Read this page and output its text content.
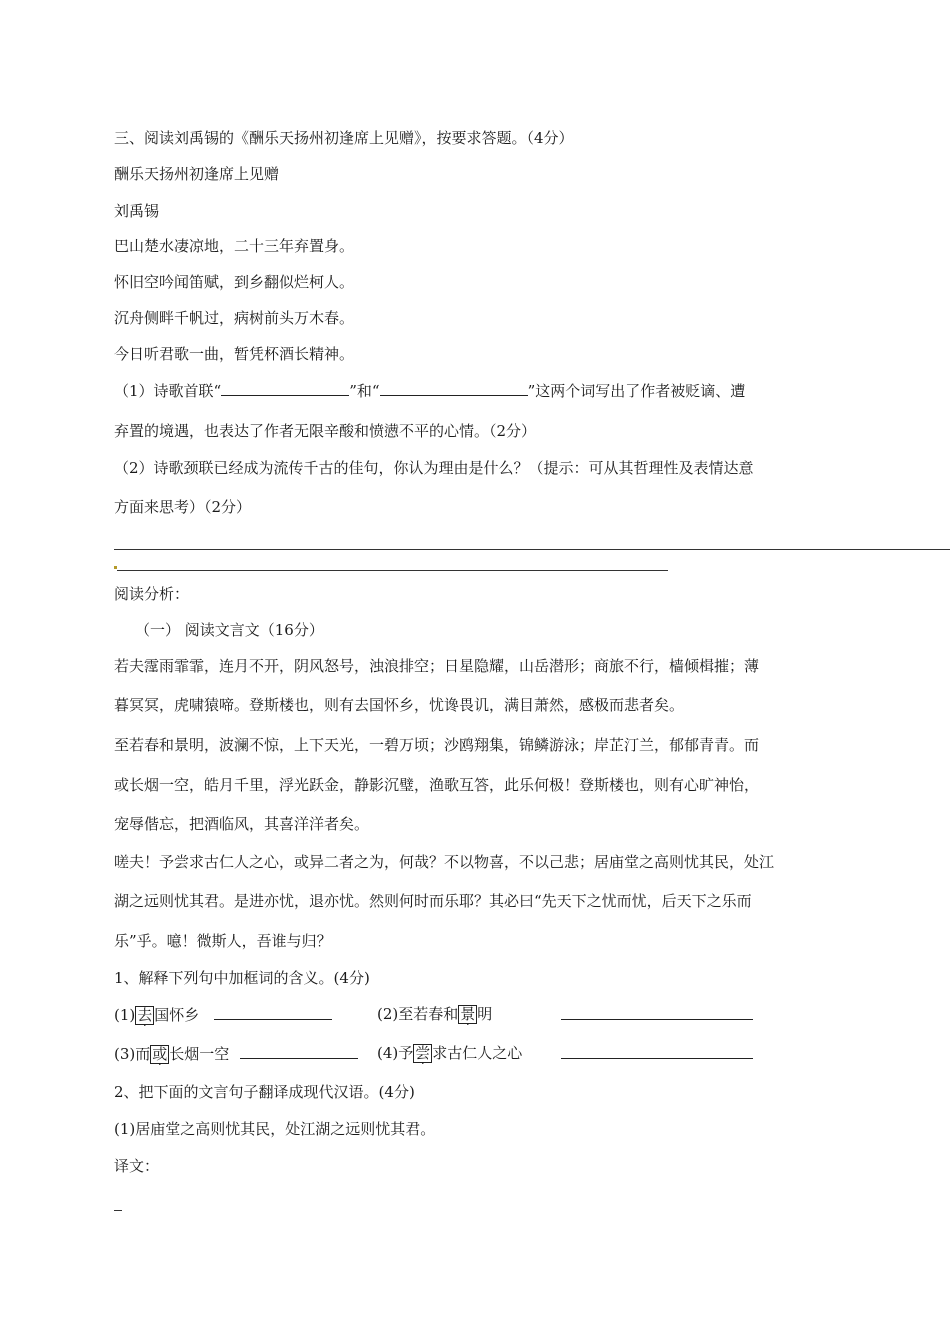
三、阅读刘禹锡的《酬乐天扬州初逢席上见赠》，按要求答题。（4分）
酬乐天扬州初逢席上见赠
刘禹锡
巴山楚水凄凉地，二十三年弃置身。
怀旧空吟闻笛赋，到乡翻似烂柯人。
沉舟侧畔千帆过，病树前头万木春。
今日听君歌一曲，暂凭杯酒长精神。
（1）诗歌首联“	”和“	”这两个词写出了作者被贬谪、遭
弃置的境遇，也表达了作者无限辛酸和愤懑不平的心情。（2分）
（2）诗歌颈联已经成为流传千古的佳句，你认为理由是什么？（提示：可从其哲理性及表情达意
方面来思考）（2分）
阅读分析：
（一） 阅读文言文（16分）
若夫霪雨霏霏，连月不开，阴风怒号，浊浪排空；日星隐耀，山岳潜形；商旅不行，樯倾楫摧；薄
暮冥冥，虎啸猿啼。登斯楼也，则有去国怀乡，忧谗畏讥，满目萧然，感极而悲者矣。
至若春和景明，波澜不惊，上下天光，一碧万顷；沙鸥翔集，锦鳞游泳；岸芷汀兰，郁郁青青。而
或长烟一空，皓月千里，浮光跃金，静影沉璧，渔歌互答，此乐何极！登斯楼也，则有心旷神怡，
宠辱偕忘，把酒临风，其喜洋洋者矣。
嗟夫！予尝求古仁人之心，或异二者之为，何哉？不以物喜，不以己悲；居庙堂之高则忧其民，处江
湖之远则忧其君。是进亦忧，退亦忧。然则何时而乐耶？其必曰“先天下之忧而忧，后天下之乐而
乐”乎。噫！微斯人，吾谁与归？
1、解释下列句中加框词的含义。(4分)
(1) 去 国怀乡	(2)至若春和 景 明
(3)而 或 长烟一空	(4)予 尝 求古仁人之心
2、把下面的文言句子翻译成现代汉语。(4分)
(1)居庙堂之高则忧其民，处江湖之远则忧其君。
译文：
